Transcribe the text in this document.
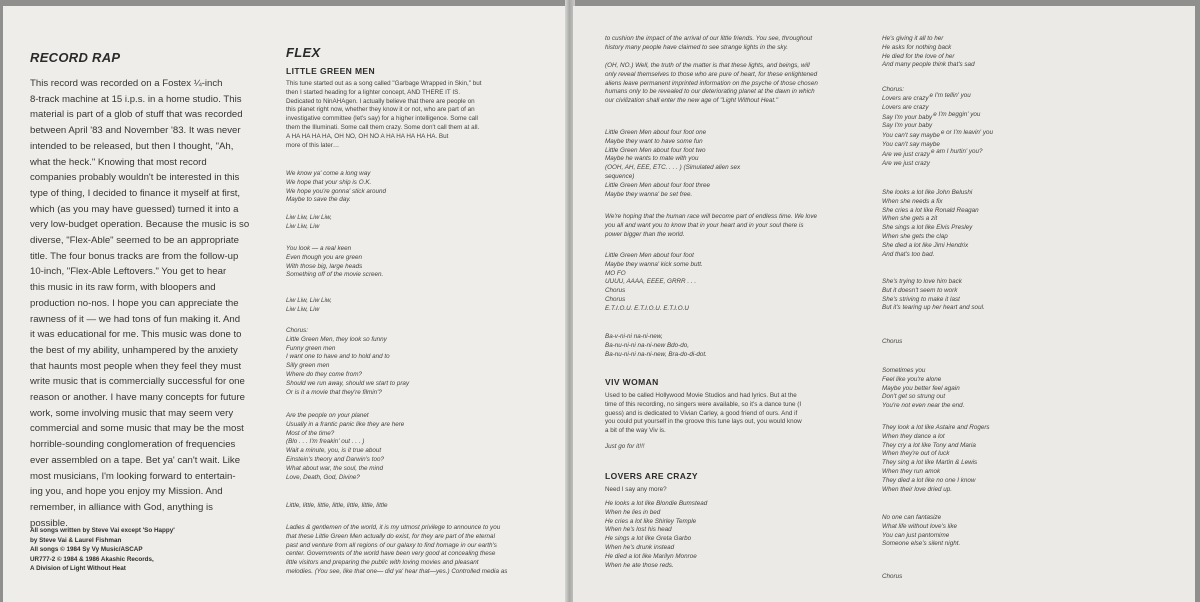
RECORD RAP
This record was recorded on a Fostex ¼-inch
8-track machine at 15 i.p.s. in a home studio. This
material is part of a glob of stuff that was recorded
between April '83 and November '83. It was never
intended to be released, but then I thought, "Ah,
what the heck." Knowing that most record
companies probably wouldn't be interested in this
type of thing, I decided to finance it myself at first,
which (as you may have guessed) turned it into a
very low-budget operation. Because the music is so
diverse, "Flex-Able" seemed to be an appropriate
title. The four bonus tracks are from the follow-up
10-inch, "Flex-Able Leftovers." You get to hear
this music in its raw form, with bloopers and
production no-nos. I hope you can appreciate the
rawness of it — we had tons of fun making it. And
it was educational for me. This music was done to
the best of my ability, unhampered by the anxiety
that haunts most people when they feel they must
write music that is commercially successful for one
reason or another. I have many concepts for future
work, some involving music that may seem very
commercial and some music that may be the most
horrible-sounding conglomeration of frequencies
ever assembled on a tape. Bet ya' can't wait. Like
most musicians, I'm looking forward to entertain-
ing you, and hope you enjoy my Mission. And
remember, in alliance with God, anything is
possible.
All songs written by Steve Vai except 'So Happy'
by Steve Vai & Laurel Fishman
All songs © 1984 Sy Vy Music/ASCAP
UR777-2 © 1984 & 1986 Akashic Records,
A Division of Light Without Heat
FLEX
LITTLE GREEN MEN
This tune started out as a song called "Garbage Wrapped in Skin," but
then I started heading for a lighter concept, AND THERE IT IS.
Dedicated to NinAHAgen. I actually believe that there are people on
this planet right now, whether they know it or not, who are part of an
investigative committee (let's say) for a higher intelligence. Some call
them the Illuminati. Some call them crazy. Some don't call them at all.
A HA HA HA HA, OH NO, OH NO A HA HA HA HA HA. But
more of this later…
We know ya' come a long way
We hope that your ship is O.K.
We hope you're gonna' stick around
Maybe to save the day.
Liw Liw, Liw Liw,
Liw Liw, Liw
You look — a real keen
Even though you are green
With those big, large heads
Something off of the movie screen.
Liw Liw, Liw Liw,
Liw Liw, Liw
Chorus:
Little Green Men, they look so funny
Funny green men
I want one to have and to hold and to
Silly green men
Where do they come from?
Should we run away, should we start to pray
Or is it a movie that they're filmin'?
Are the people on your planet
Usually in a frantic panic like they are here
Most of the time?
(Blo . . . I'm freakin' out . . . )
Wait a minute, you, is it true about
Einstein's theory and Darwin's too?
What about war, the soul, the mind
Love, Death, God, Divine?
Little, little, little, little, little, little, little
Ladies & gentlemen of the world, it is my utmost privilege to announce to you
that these Little Green Men actually do exist, for they are part of the eternal
past and venture from all regions of our galaxy to find homage in our earth's
center. Governments of the world have been very good at concealing these
little visitors and preparing the public with loving movies and pleasant
melodies. (You see, like that one— did ya' hear that—yes.) Controlled media as
to cushion the impact of the arrival of our little friends. You see, throughout
history many people have claimed to see strange lights in the sky.
(OH, NO.) Well, the truth of the matter is that these lights, and beings, will
only reveal themselves to those who are pure of heart, for these enlightened
aliens leave permanent imprinted information on the psyche of those chosen
humans only to be revealed to our deteriorating planet at the dawn in which
our civilization shall enter the new age of "Light Without Heat."
Little Green Men about four foot one
Maybe they want to have some fun
Little Green Men about four foot two
Maybe he wants to mate with you
(OOH, AH, EEE, ETC. . . . ) (Simulated alien sex
sequence)
Little Green Men about four foot three
Maybe they wanna' be set free.
We're hoping that the human race will become part of endless time. We love
you all and want you to know that in your heart and in your soul there is
power bigger than the world.
Little Green Men about four foot
Maybe they wanna' kick some butt.
MO FO
UUUU, AAAA, EEEE, GRRR . . .
Chorus
Chorus
E.T.I.O.U. E.T.I.O.U. E.T.I.O.U
Ba-v-ni-ni na-ni-new,
Ba-nu-ni-ni na-ni-new Bdo-do,
Ba-nu-ni-ni na-ni-new, Bra-do-di-dot.
VIV WOMAN
Used to be called Hollywood Movie Studios and had lyrics. But at the
time of this recording, no singers were available, so it's a dance tune (I
guess) and is dedicated to Vivian Carley, a good friend of ours. And if
you could put yourself in the groove this tune lays out, you would know
a bit of the way Viv is.
Just go for it!!!
LOVERS ARE CRAZY
Need I say any more?
He looks a lot like Blondie Bumstead
When he lies in bed
He cries a lot like Shirley Temple
When he's lost his head
He sings a lot like Greta Garbo
When he's drunk instead
He died a lot like Marilyn Monroe
When he ate those reds.
He's giving it all to her
He asks for nothing back
He died for the love of her
And many people think that's sad
Chorus:
Lovers are crazye I'm tellin' you
Lovers are crazy
Say I'm your babye I'm beggin' you
Say I'm your baby
You can't say maybee or I'm leavin' you
You can't say maybe
Are we just crazye am I hurtin' you?
Are we just crazy
She looks a lot like John Belushi
When she needs a fix
She cries a lot like Ronald Reagan
When she gets a zit
She sings a lot like Elvis Presley
When she gets the clap
She died a lot like Jimi Hendrix
And that's too bad.
She's trying to love him back
But it doesn't seem to work
She's striving to make it last
But it's tearing up her heart and soul.
Chorus
Sometimes you
Feel like you're alone
Maybe you better feel again
Don't get so strung out
You're not even near the end.
They look a lot like Astaire and Rogers
When they dance a lot
They cry a lot like Tony and Maria
When they're out of luck
They sing a lot like Martin & Lewis
When they run amok
They died a lot like no one I know
When their love dried up.
No one can fantasize
What life without love's like
You can just pantomime
Someone else's silent night.
Chorus
